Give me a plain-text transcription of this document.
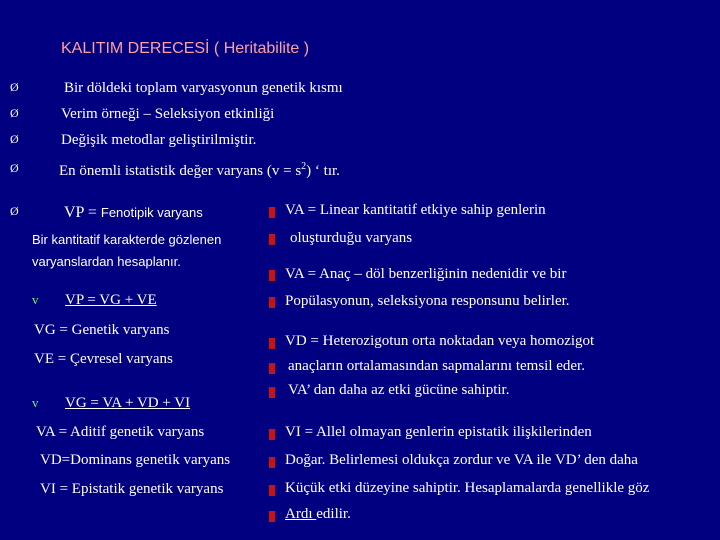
KALITIM DERECESİ ( Heritabilite )
Ø	Bir döldeki toplam varyasyonun genetik kısmı
Ø	Verim örneği – Seleksiyon etkinliği
Ø	Değişik metodlar geliştirilmiştir.
Ø	En önemli istatistik değer varyans $(v = s^2)$ ‘ tır.
Ø	VP = Fenotipik varyans
Bir kantitatif karakterde gözlenen
varyanslardan hesaplanır.
v VP = VG + VE
VG = Genetik varyans
VE = Çevresel varyans
v VG = VA + VD + VI
VA = Aditif genetik varyans
VD=Dominans genetik varyans
VI = Epistatik genetik varyans
VA = Linear kantitatif etkiye sahip genlerin
oluşturduğu varyans
VA = Anaç – döl benzerliğinin nedenidir ve bir
Popülasyonun, seleksiyona responsunu belirler.
VD = Heterozigotun orta noktadan veya homozigot
anaçların ortalamasından sapmalarını temsil eder.
VA’ dan daha az etki gücüne sahiptir.
VI = Allel olmayan genlerin epistatik ilişkilerinden
Doğar. Belirlemesi oldukça zordur ve VA ile VD’ den daha
Küçük etki düzeyine sahiptir. Hesaplamalarda genellikle göz
Ardı edilir.
